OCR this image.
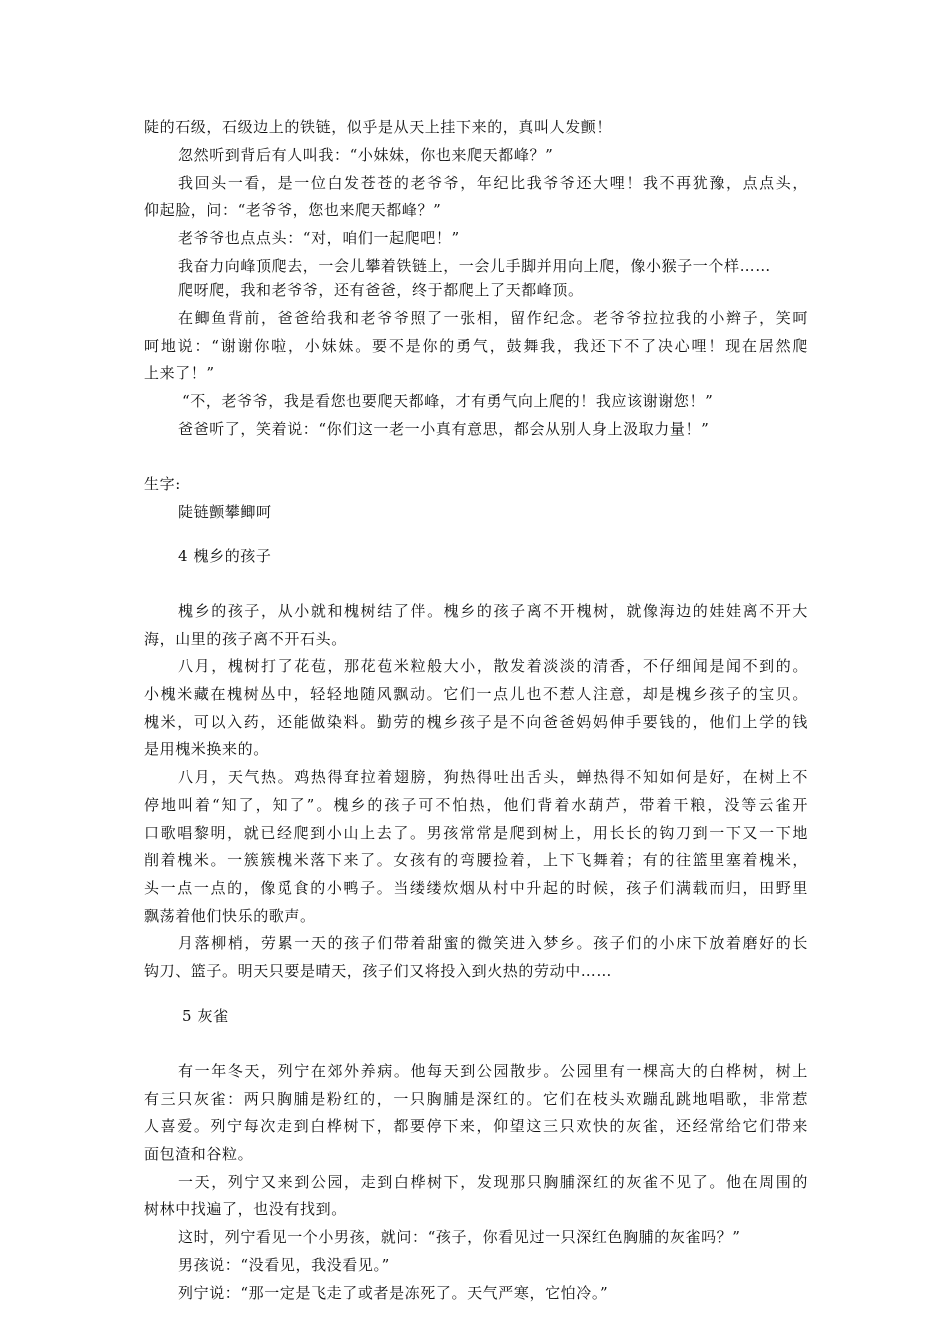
陡的石级，石级边上的铁链，似乎是从天上挂下来的，真叫人发颤！
忽然听到背后有人叫我：“小妹妹，你也来爬天都峰？”
我回头一看，是一位白发苍苍的老爷爷，年纪比我爷爷还大哩！我不再犹豫，点点头，
仰起脸，问：“老爷爷，您也来爬天都峰？”
老爷爷也点点头：“对，咱们一起爬吧！”
我奋力向峰顶爬去，一会儿攀着铁链上，一会儿手脚并用向上爬，像小猴子一个样……
爬呀爬，我和老爷爷，还有爸爸，终于都爬上了天都峰顶。
在鲫鱼背前，爸爸给我和老爷爷照了一张相，留作纪念。老爷爷拉拉我的小辫子，笑呵
呵地说：“谢谢你啦，小妹妹。要不是你的勇气，鼓舞我，我还下不了决心哩！现在居然爬
上来了！”
“不，老爷爷，我是看您也要爬天都峰，才有勇气向上爬的！我应该谢谢您！”
爸爸听了，笑着说：“你们这一老一小真有意思，都会从别人身上汲取力量！”
生字:
陡链颤攀鲫呵
4 槐乡的孩子
槐乡的孩子，从小就和槐树结了伴。槐乡的孩子离不开槐树，就像海边的娃娃离不开大
海，山里的孩子离不开石头。
八月，槐树打了花苞，那花苞米粒般大小，散发着淡淡的清香，不仔细闻是闻不到的。
小槐米藏在槐树丛中，轻轻地随风飘动。它们一点儿也不惹人注意，却是槐乡孩子的宝贝。
槐米，可以入药，还能做染料。勤劳的槐乡孩子是不向爸爸妈妈伸手要钱的，他们上学的钱
是用槐米换来的。
八月，天气热。鸡热得耷拉着翅膀，狗热得吐出舌头，蝉热得不知如何是好，在树上不
停地叫着“知了，知了”。槐乡的孩子可不怕热，他们背着水葫芦，带着干粮，没等云雀开
口歌唱黎明，就已经爬到小山上去了。男孩常常是爬到树上，用长长的钩刀到一下又一下地
削着槐米。一簇簇槐米落下来了。女孩有的弯腰捡着，上下飞舞着；有的往篮里塞着槐米，
头一点一点的，像觅食的小鸭子。当缕缕炊烟从村中升起的时候，孩子们满载而归，田野里
飘荡着他们快乐的歌声。
月落柳梢，劳累一天的孩子们带着甜蜜的微笑进入梦乡。孩子们的小床下放着磨好的长
钩刀、篮子。明天只要是晴天，孩子们又将投入到火热的劳动中……
5 灰雀
有一年冬天，列宁在郊外养病。他每天到公园散步。公园里有一棵高大的白桦树，树上
有三只灰雀：两只胸脯是粉红的，一只胸脯是深红的。它们在枝头欢蹦乱跳地唱歌，非常惹
人喜爱。列宁每次走到白桦树下，都要停下来，仰望这三只欢快的灰雀，还经常给它们带来
面包渣和谷粒。
一天，列宁又来到公园，走到白桦树下，发现那只胸脯深红的灰雀不见了。他在周围的
树林中找遍了，也没有找到。
这时，列宁看见一个小男孩，就问：“孩子，你看见过一只深红色胸脯的灰雀吗？”
男孩说：“没看见，我没看见。”
列宁说：“那一定是飞走了或者是冻死了。天气严寒，它怕冷。”
